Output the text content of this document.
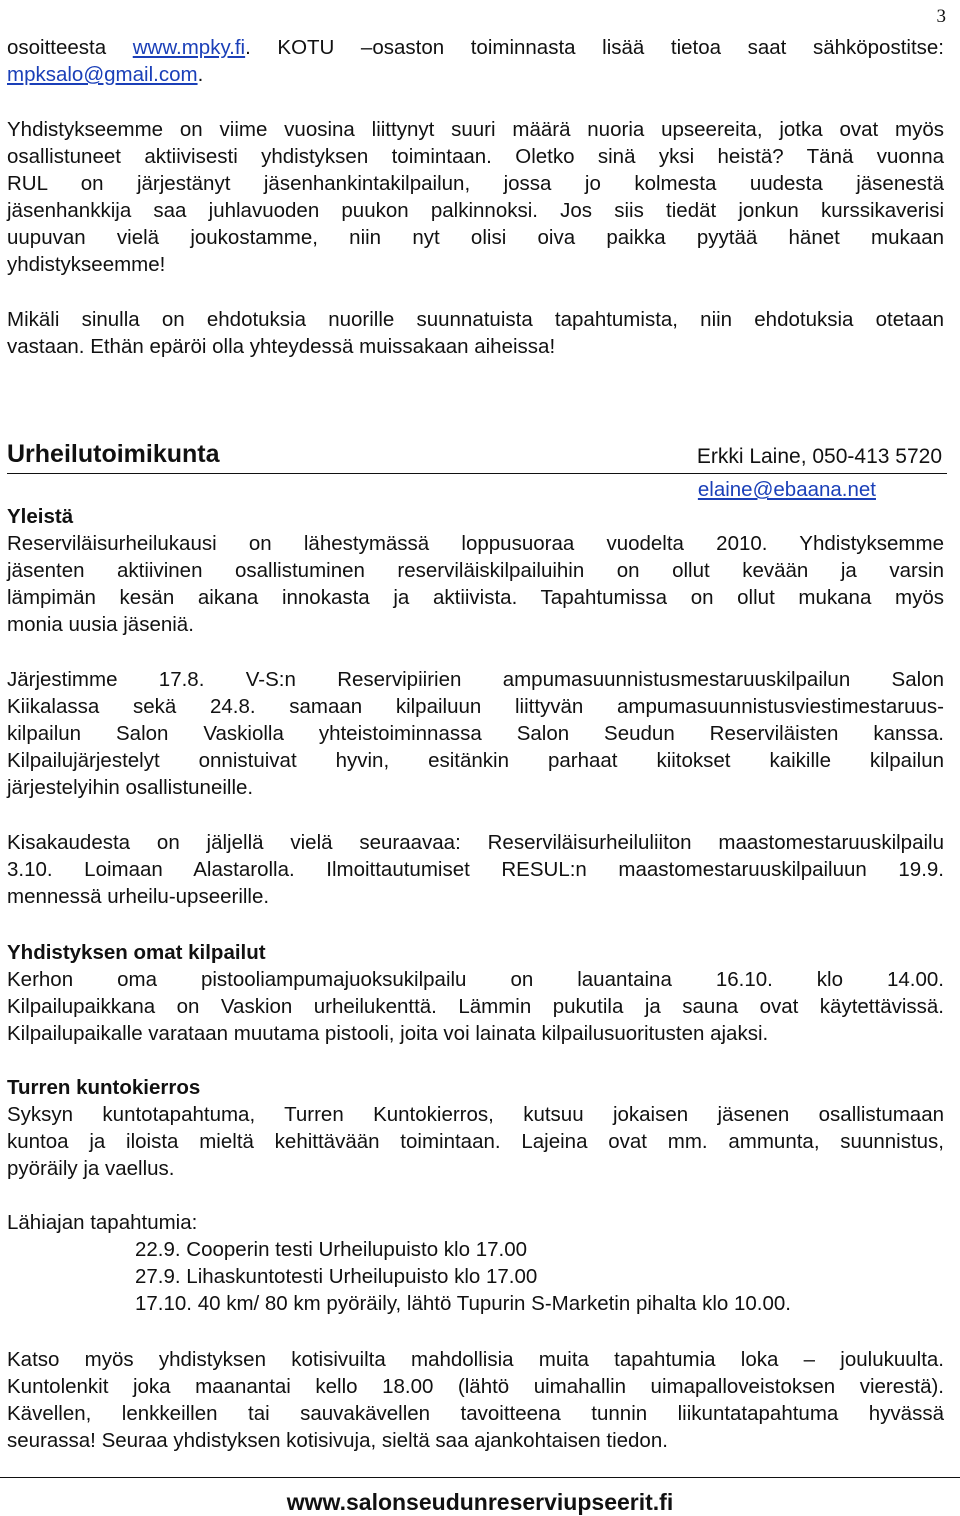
3
osoitteesta www.mpky.fi. KOTU –osaston toiminnasta lisää tietoa saat sähköpostitse:
mpksalo@gmail.com.
Yhdistykseemme on viime vuosina liittynyt suuri määrä nuoria upseereita, jotka ovat myös
osallistuneet aktiivisesti yhdistyksen toimintaan. Oletko sinä yksi heistä? Tänä vuonna
RUL on järjestänyt jäsenhankintakilpailun, jossa jo kolmesta uudesta jäsenestä
jäsenhankkija saa juhlavuoden puukon palkinnoksi. Jos siis tiedät jonkun kurssikaverisi
uupuvan vielä joukostamme, niin nyt olisi oiva paikka pyytää hänet mukaan
yhdistykseemme!
Mikäli sinulla on ehdotuksia nuorille suunnatuista tapahtumista, niin ehdotuksia otetaan
vastaan. Ethän epäröi olla yhteydessä muissakaan aiheissa!
Urheilutoimikunta	Erkki Laine, 050-413 5720
elaine@ebaana.net
Yleistä
Reserviläisurheilukausi on lähestymässä loppusuoraa vuodelta 2010. Yhdistyksemme
jäsenten aktiivinen osallistuminen reserviläiskilpailuihin on ollut kevään ja varsin
lämpimän kesän aikana innokasta ja aktiivista. Tapahtumissa on ollut mukana myös
monia uusia jäseniä.
Järjestimme 17.8. V-S:n Reservipiirien ampumasuunnistusmestaruuskilpailun Salon
Kiikalassa sekä 24.8. samaan kilpailuun liittyvän ampumasuunnistusviestimestaruus-
kilpailun Salon Vaskiolla yhteistoiminnassa Salon Seudun Reserviläisten kanssa.
Kilpailujärjestelyt onnistuivat hyvin, esitänkin parhaat kiitokset kaikille kilpailun
järjestelyihin osallistuneille.
Kisakaudesta on jäljellä vielä seuraavaa: Reserviläisurheiluliiton maastomestaruuskilpailu
3.10. Loimaan Alastarolla. Ilmoittautumiset RESUL:n maastomestaruuskilpailuun 19.9.
mennessä urheilu-upseerille.
Yhdistyksen omat kilpailut
Kerhon oma pistooliampumajuoksukilpailu on lauantaina 16.10. klo 14.00.
Kilpailupaikkana on Vaskion urheilukenttä. Lämmin pukutila ja sauna ovat käytettävissä.
Kilpailupaikalle varataan muutama pistooli, joita voi lainata kilpailusuoritusten ajaksi.
Turren kuntokierros
Syksyn kuntotapahtuma, Turren Kuntokierros, kutsuu jokaisen jäsenen osallistumaan
kuntoa ja iloista mieltä kehittävään toimintaan. Lajeina ovat mm. ammunta, suunnistus,
pyöräily ja vaellus.
Lähiajan tapahtumia:
22.9. Cooperin testi Urheilupuisto klo 17.00
27.9. Lihaskuntotesti Urheilupuisto klo 17.00
17.10. 40 km/ 80 km pyöräily, lähtö Tupurin S-Marketin pihalta klo 10.00.
Katso myös yhdistyksen kotisivuilta mahdollisia muita tapahtumia loka – joulukuulta.
Kuntolenkit joka maanantai kello 18.00 (lähtö uimahallin uimapalloveistoksen vierestä).
Kävellen, lenkkeillen tai sauvakävellen tavoitteena tunnin liikuntatapahtuma hyvässä
seurassa! Seuraa yhdistyksen kotisivuja, sieltä saa ajankohtaisen tiedon.
www.salonseudunreserviupseerit.fi
